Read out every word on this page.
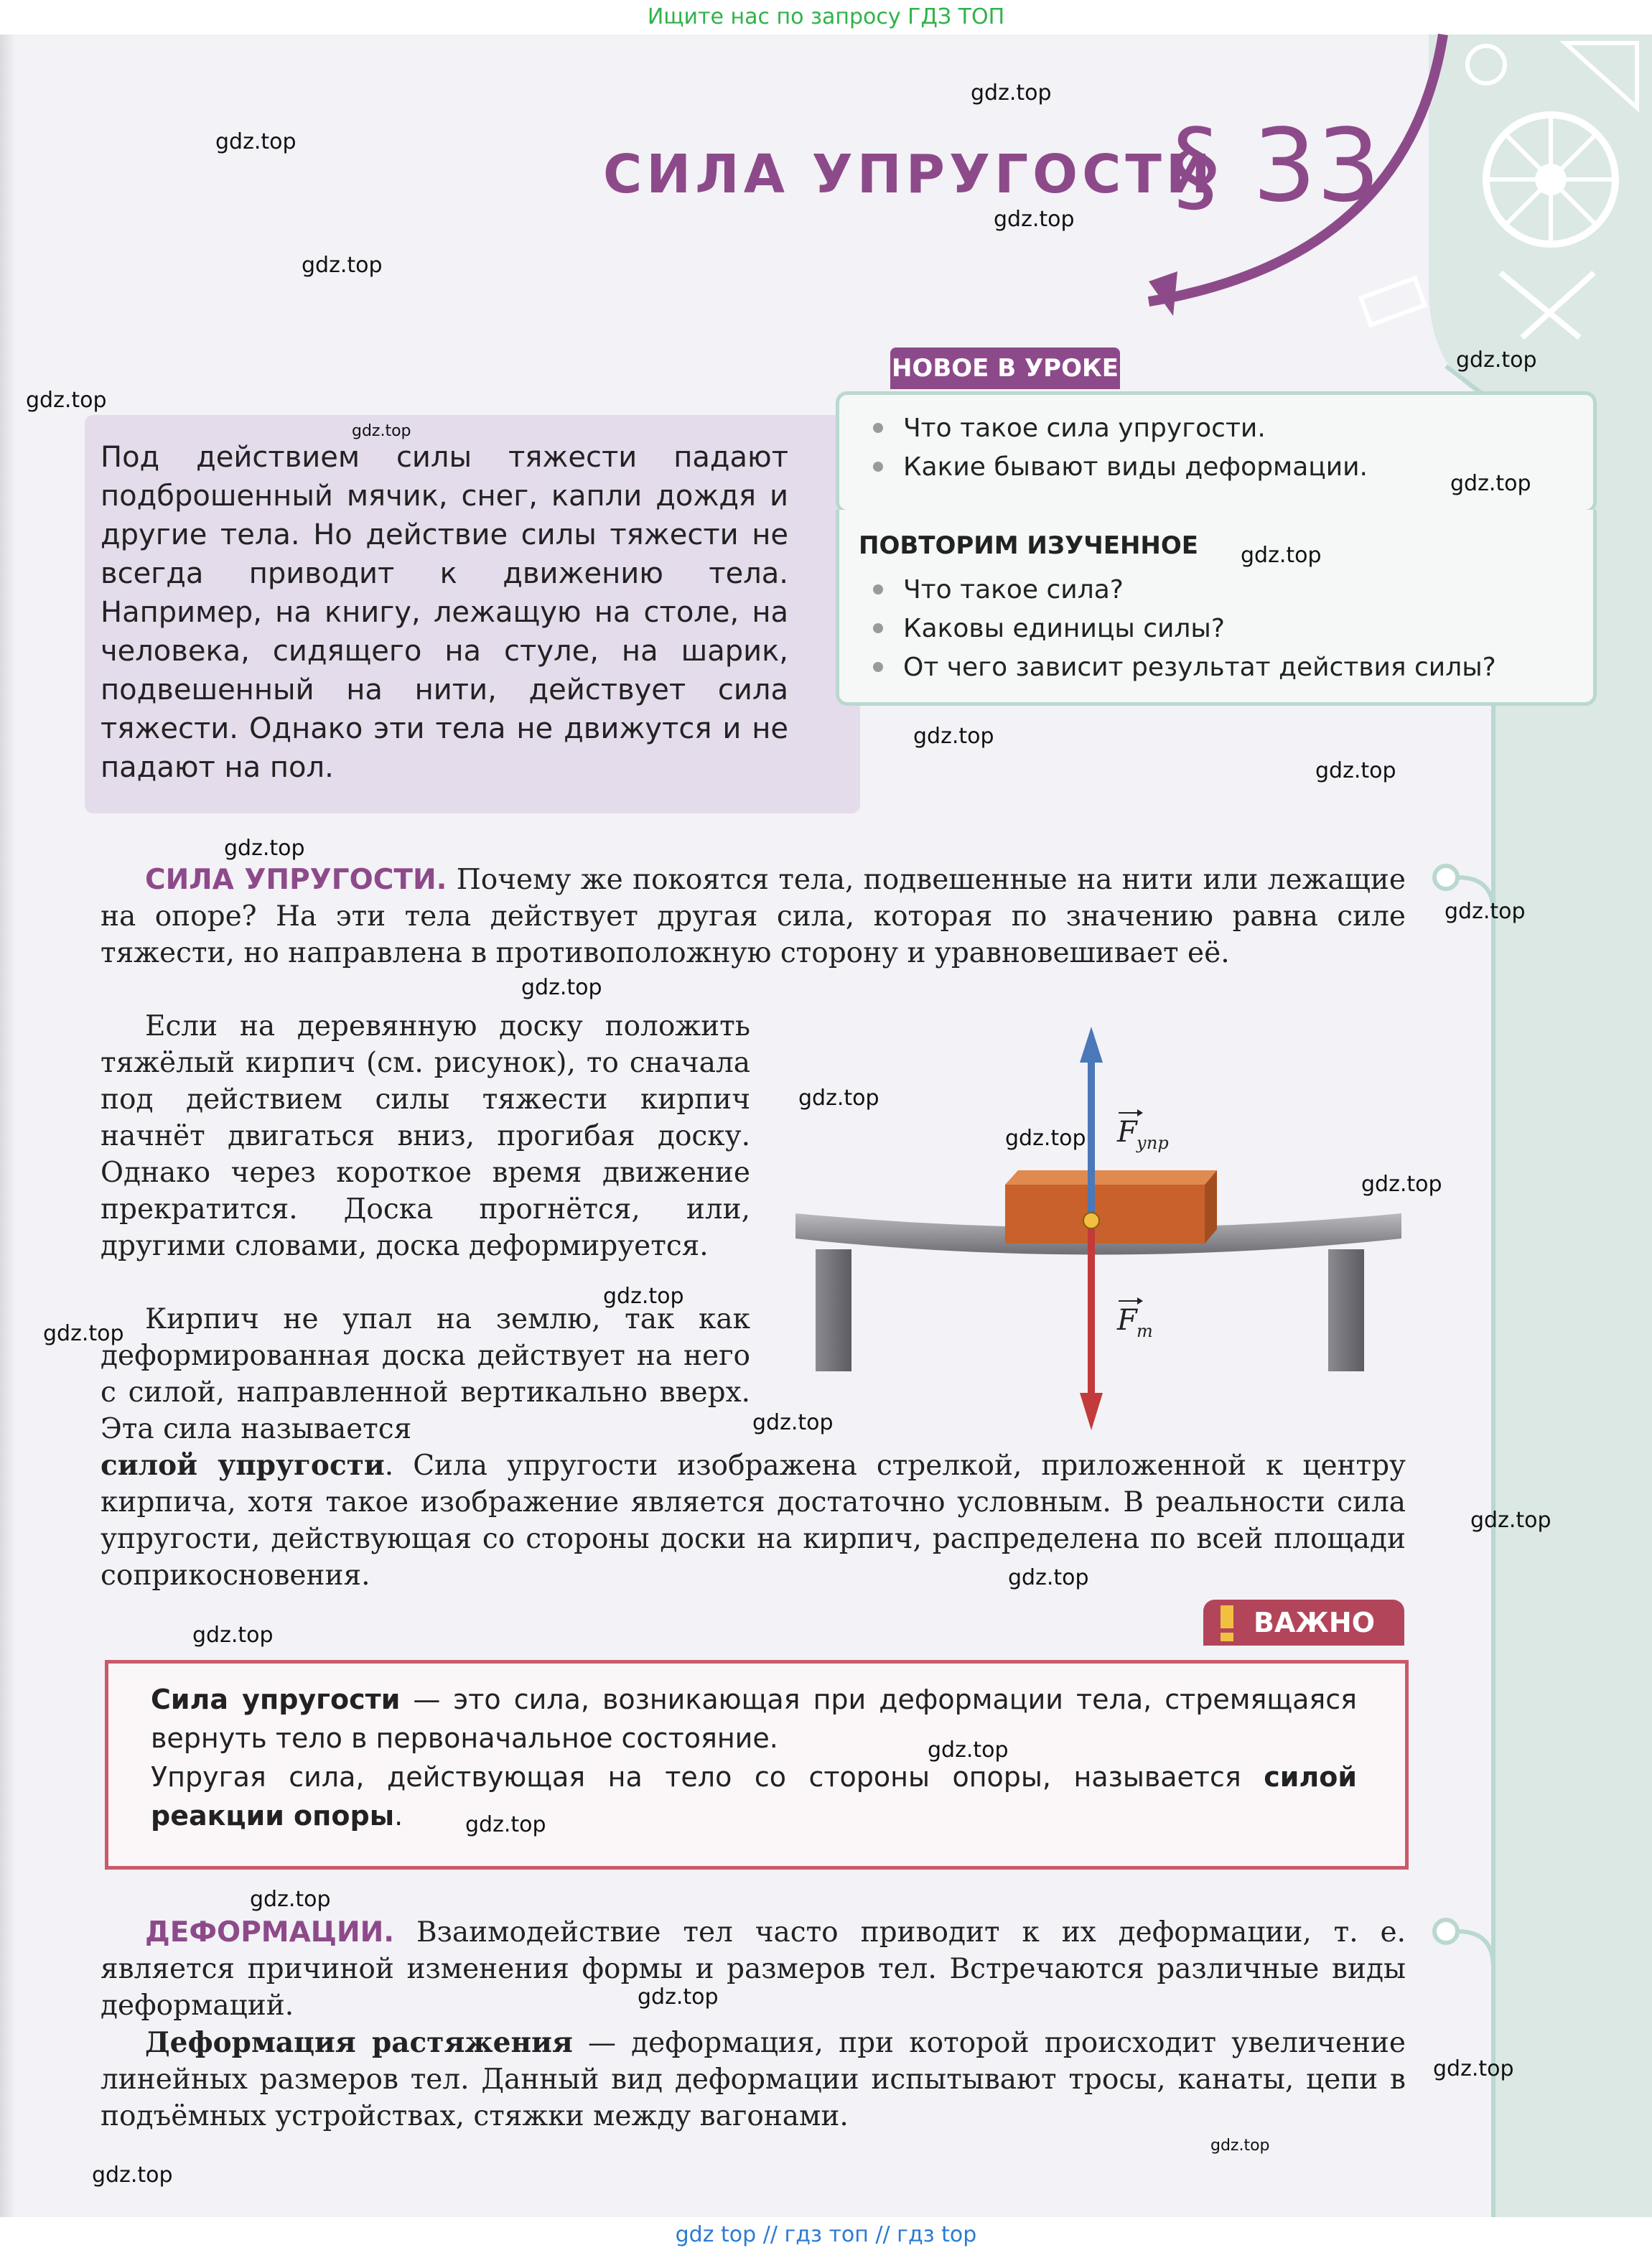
Ищите нас по запросу ГДЗ ТОП
СИЛА УПРУГОСТИ
§ 33
Под действием силы тяжести падают подброшенный мячик, снег, капли дождя и другие тела. Но действие силы тяжести не всегда приводит к движению тела. Например, на книгу, лежащую на столе, на человека, сидящего на стуле, на шарик, подвешенный на нити, действует сила тяжести. Однако эти тела не движутся и не падают на пол.
НОВОЕ В УРОКЕ
Что такое сила упругости.
Какие бывают виды деформации.
ПОВТОРИМ ИЗУЧЕННОЕ
Что такое сила?
Каковы единицы силы?
От чего зависит результат действия силы?
СИЛА УПРУГОСТИ. Почему же покоятся тела, подвешенные на нити или лежащие на опоре? На эти тела действует другая сила, которая по значению равна силе тяжести, но направлена в противоположную сторону и уравновешивает её.
Если на деревянную доску положить тяжёлый кирпич (см. рисунок), то сначала под действием силы тяжести кирпич начнёт двигаться вниз, прогибая доску. Однако через короткое время движение прекратится. Доска прогнётся, или, другими словами, доска деформируется.
Кирпич не упал на землю, так как деформированная доска действует на него с силой, направленной вертикально вверх. Эта сила называется
силой упругости. Сила упругости изображена стрелкой, приложенной к центру кирпича, хотя такое изображение является достаточно условным. В реальности сила упругости, действующая со стороны доски на кирпич, распределена по всей площади соприкосновения.
F упр
F т
ВАЖНО
Сила упругости — это сила, возникающая при деформации тела, стремящаяся вернуть тело в первоначальное состояние.
Упругая сила, действующая на тело со стороны опоры, называется силой реакции опоры.
ДЕФОРМАЦИИ. Взаимодействие тел часто приводит к их деформации, т. е. является причиной изменения формы и размеров тел. Встречаются различные виды деформаций.
Деформация растяжения — деформация, при которой происходит увеличение линейных размеров тел. Данный вид деформации испытывают тросы, канаты, цепи в подъёмных устройствах, стяжки между вагонами.
gdz.top
gdz.top
gdz.top
gdz.top
gdz.top
gdz.top
gdz.top
gdz.top
gdz.top
gdz.top
gdz.top
gdz.top
gdz.top
gdz.top
gdz.top
gdz.top
gdz.top
gdz.top
gdz.top
gdz.top
gdz.top
gdz.top
gdz.top
gdz.top
gdz.top
gdz.top
gdz.top
gdz.top
gdz.top
gdz.top
gdz top // гдз топ // гдз top
